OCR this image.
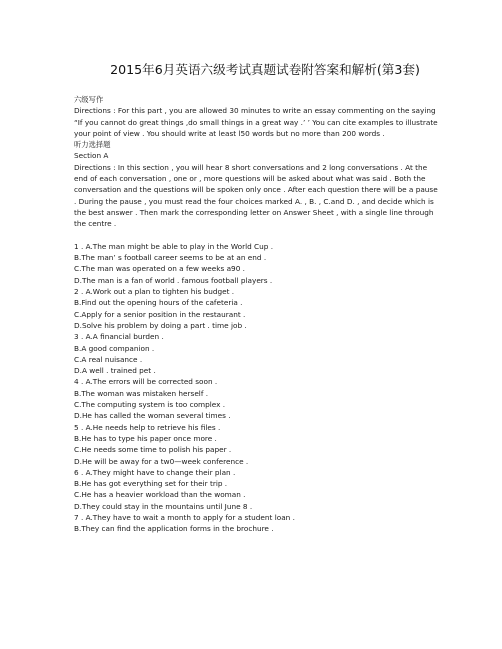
2015年6月英语六级考试真题试卷附答案和解析(第3套)
六级写作
Directions : For this part , you are allowed 30 minutes to write an essay commenting on the saying “If you cannot do great things ,do small things in a great way .’ ’ You can cite examples to illustrate your point of view . You should write at least l50 words but no more than 200 words .
听力选择题
Section A
Directions : In this section , you will hear 8 short conversations and 2 long conversations . At the end of each conversation , one or , more questions will be asked about what was said . Both the conversation and the questions will be spoken only once . After each question there will be a pause . During the pause , you must read the four choices marked A. , B. , C.and D. , and decide which is the best answer . Then mark the corresponding letter on Answer Sheet , with a single line through the centre .
1 . A.The man might be able to play in the World Cup .
B.The man’ s football career seems to be at an end .
C.The man was operated on a few weeks a90 .
D.The man is a fan of world . famous football players .
2 . A.Work out a plan to tighten his budget .
B.Find out the opening hours of the cafeteria .
C.Apply for a senior position in the restaurant .
D.Solve his problem by doing a part . time job .
3 . A.A financial burden .
B.A good companion .
C.A real nuisance .
D.A well . trained pet .
4 . A.The errors will be corrected soon .
B.The woman was mistaken herself .
C.The computing system is too complex .
D.He has called the woman several times .
5 . A.He needs help to retrieve his files .
B.He has to type his paper once more .
C.He needs some time to polish his paper .
D.He will be away for a tw0—week conference .
6 . A.They might have to change their plan .
B.He has got everything set for their trip .
C.He has a heavier workload than the woman .
D.They could stay in the mountains until June 8 .
7 . A.They have to wait a month to apply for a student loan .
B.They can find the application forms in the brochure .
